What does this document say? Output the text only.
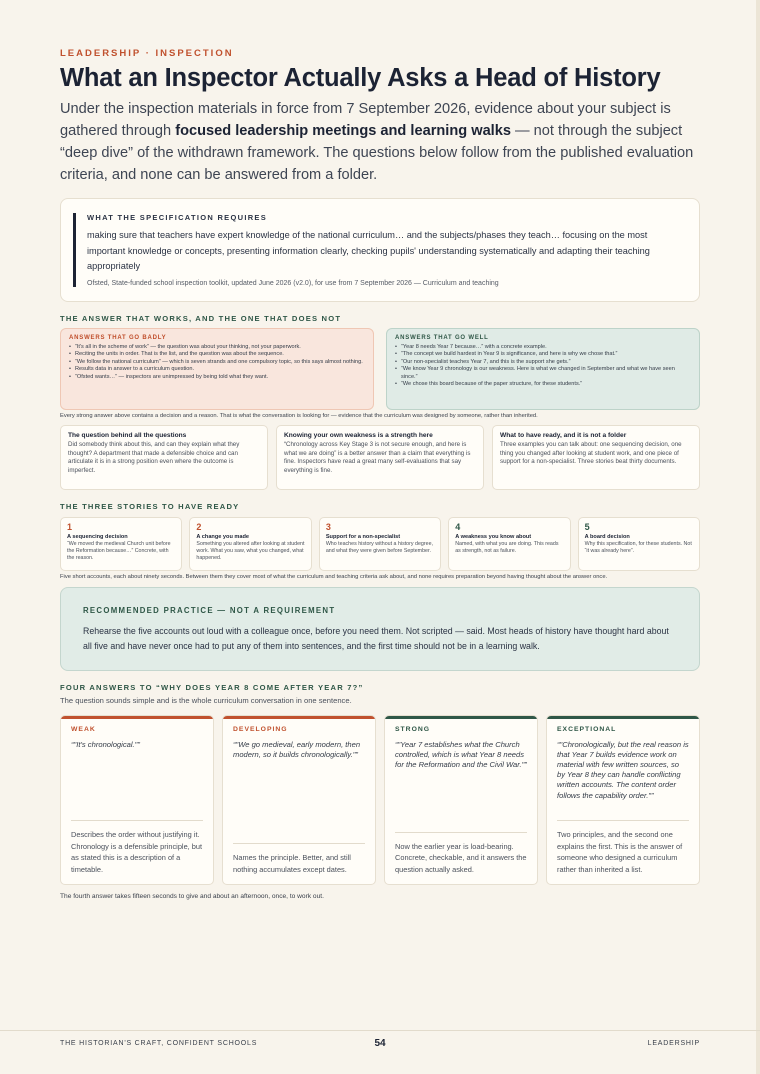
LEADERSHIP · INSPECTION
What an Inspector Actually Asks a Head of History

Under the inspection materials in force from 7 September 2026, evidence about your subject is gathered through focused leadership meetings and learning walks — not through the subject “deep dive” of the withdrawn framework. The questions below follow from the published evaluation criteria, and none can be answered from a folder.

WHAT THE SPECIFICATION REQUIRES
making sure that teachers have expert knowledge of the national curriculum… and the subjects/phases they teach… focusing on the most important knowledge or concepts, presenting information clearly, checking pupils' understanding systematically and adapting their teaching appropriately
Ofsted, State-funded school inspection toolkit, updated June 2026 (v2.0), for use from 7 September 2026 — Curriculum and teaching
THE ANSWER THAT WORKS, AND THE ONE THAT DOES NOT
ANSWERS THAT GO BADLY
• “It's all in the scheme of work” — the question was about your thinking, not your paperwork.
• Reciting the units in order. That is the list, and the question was about the sequence.
• “We follow the national curriculum” — which is seven strands and one compulsory topic, so this says almost nothing.
• Results data in answer to a curriculum question.
• “Ofsted wants…” — inspectors are unimpressed by being told what they want.
ANSWERS THAT GO WELL
• “Year 8 needs Year 7 because…” with a concrete example.
• “The concept we build hardest in Year 9 is significance, and here is why we chose that.”
• “Our non-specialist teaches Year 7, and this is the support she gets.”
• “We know Year 9 chronology is our weakness. Here is what we changed in September and what we have seen since.”
• “We chose this board because of the paper structure, for these students.”
Every strong answer above contains a decision and a reason. That is what the conversation is looking for — evidence that the curriculum was designed by someone, rather than inherited.
The question behind all the questions

Did somebody think about this, and can they explain what they thought? A department that made a defensible choice and can articulate it is in a strong position even where the outcome is imperfect.

Knowing your own weakness is a strength here

“Chronology across Key Stage 3 is not secure enough, and here is what we are doing” is a better answer than a claim that everything is fine. Inspectors have read a great many self-evaluations that say everything is fine.

What to have ready, and it is not a folder

Three examples you can talk about: one sequencing decision, one thing you changed after looking at student work, and one piece of support for a non-specialist. Three stories beat thirty documents.

THE THREE STORIES TO HAVE READY
1
A sequencing decision

“We moved the medieval Church unit before the Reformation because…” Concrete, with the reason.

2
A change you made

Something you altered after looking at student work. What you saw, what you changed, what happened.

3
Support for a non-specialist

Who teaches history without a history degree, and what they were given before September.

4
A weakness you know about

Named, with what you are doing. This reads as strength, not as failure.

5
A board decision

Why this specification, for these students. Not “it was already here”.

Five short accounts, each about ninety seconds. Between them they cover most of what the curriculum and teaching criteria ask about, and none requires preparation beyond having thought about the answer once.
RECOMMENDED PRACTICE — NOT A REQUIREMENT

Rehearse the five accounts out loud with a colleague once, before you need them. Not scripted — said. Most heads of history have thought hard about all five and have never once had to put any of them into sentences, and the first time should not be in a learning walk.

FOUR ANSWERS TO “WHY DOES YEAR 8 COME AFTER YEAR 7?”
The question sounds simple and is the whole curriculum conversation in one sentence.
WEAK
“"It's chronological."”
Describes the order without justifying it. Chronology is a defensible principle, but as stated this is a description of a timetable.
DEVELOPING
“"We go medieval, early modern, then modern, so it builds chronologically."”
Names the principle. Better, and still nothing accumulates except dates.
STRONG
“"Year 7 establishes what the Church controlled, which is what Year 8 needs for the Reformation and the Civil War."”
Now the earlier year is load-bearing. Concrete, checkable, and it answers the question actually asked.
EXCEPTIONAL
“"Chronologically, but the real reason is that Year 7 builds evidence work on material with few written sources, so by Year 8 they can handle conflicting written accounts. The content order follows the capability order."”
Two principles, and the second one explains the first. This is the answer of someone who designed a curriculum rather than inherited a list.
The fourth answer takes fifteen seconds to give and about an afternoon, once, to work out.
THE HISTORIAN'S CRAFT, CONFIDENT SCHOOLS	54	LEADERSHIP
